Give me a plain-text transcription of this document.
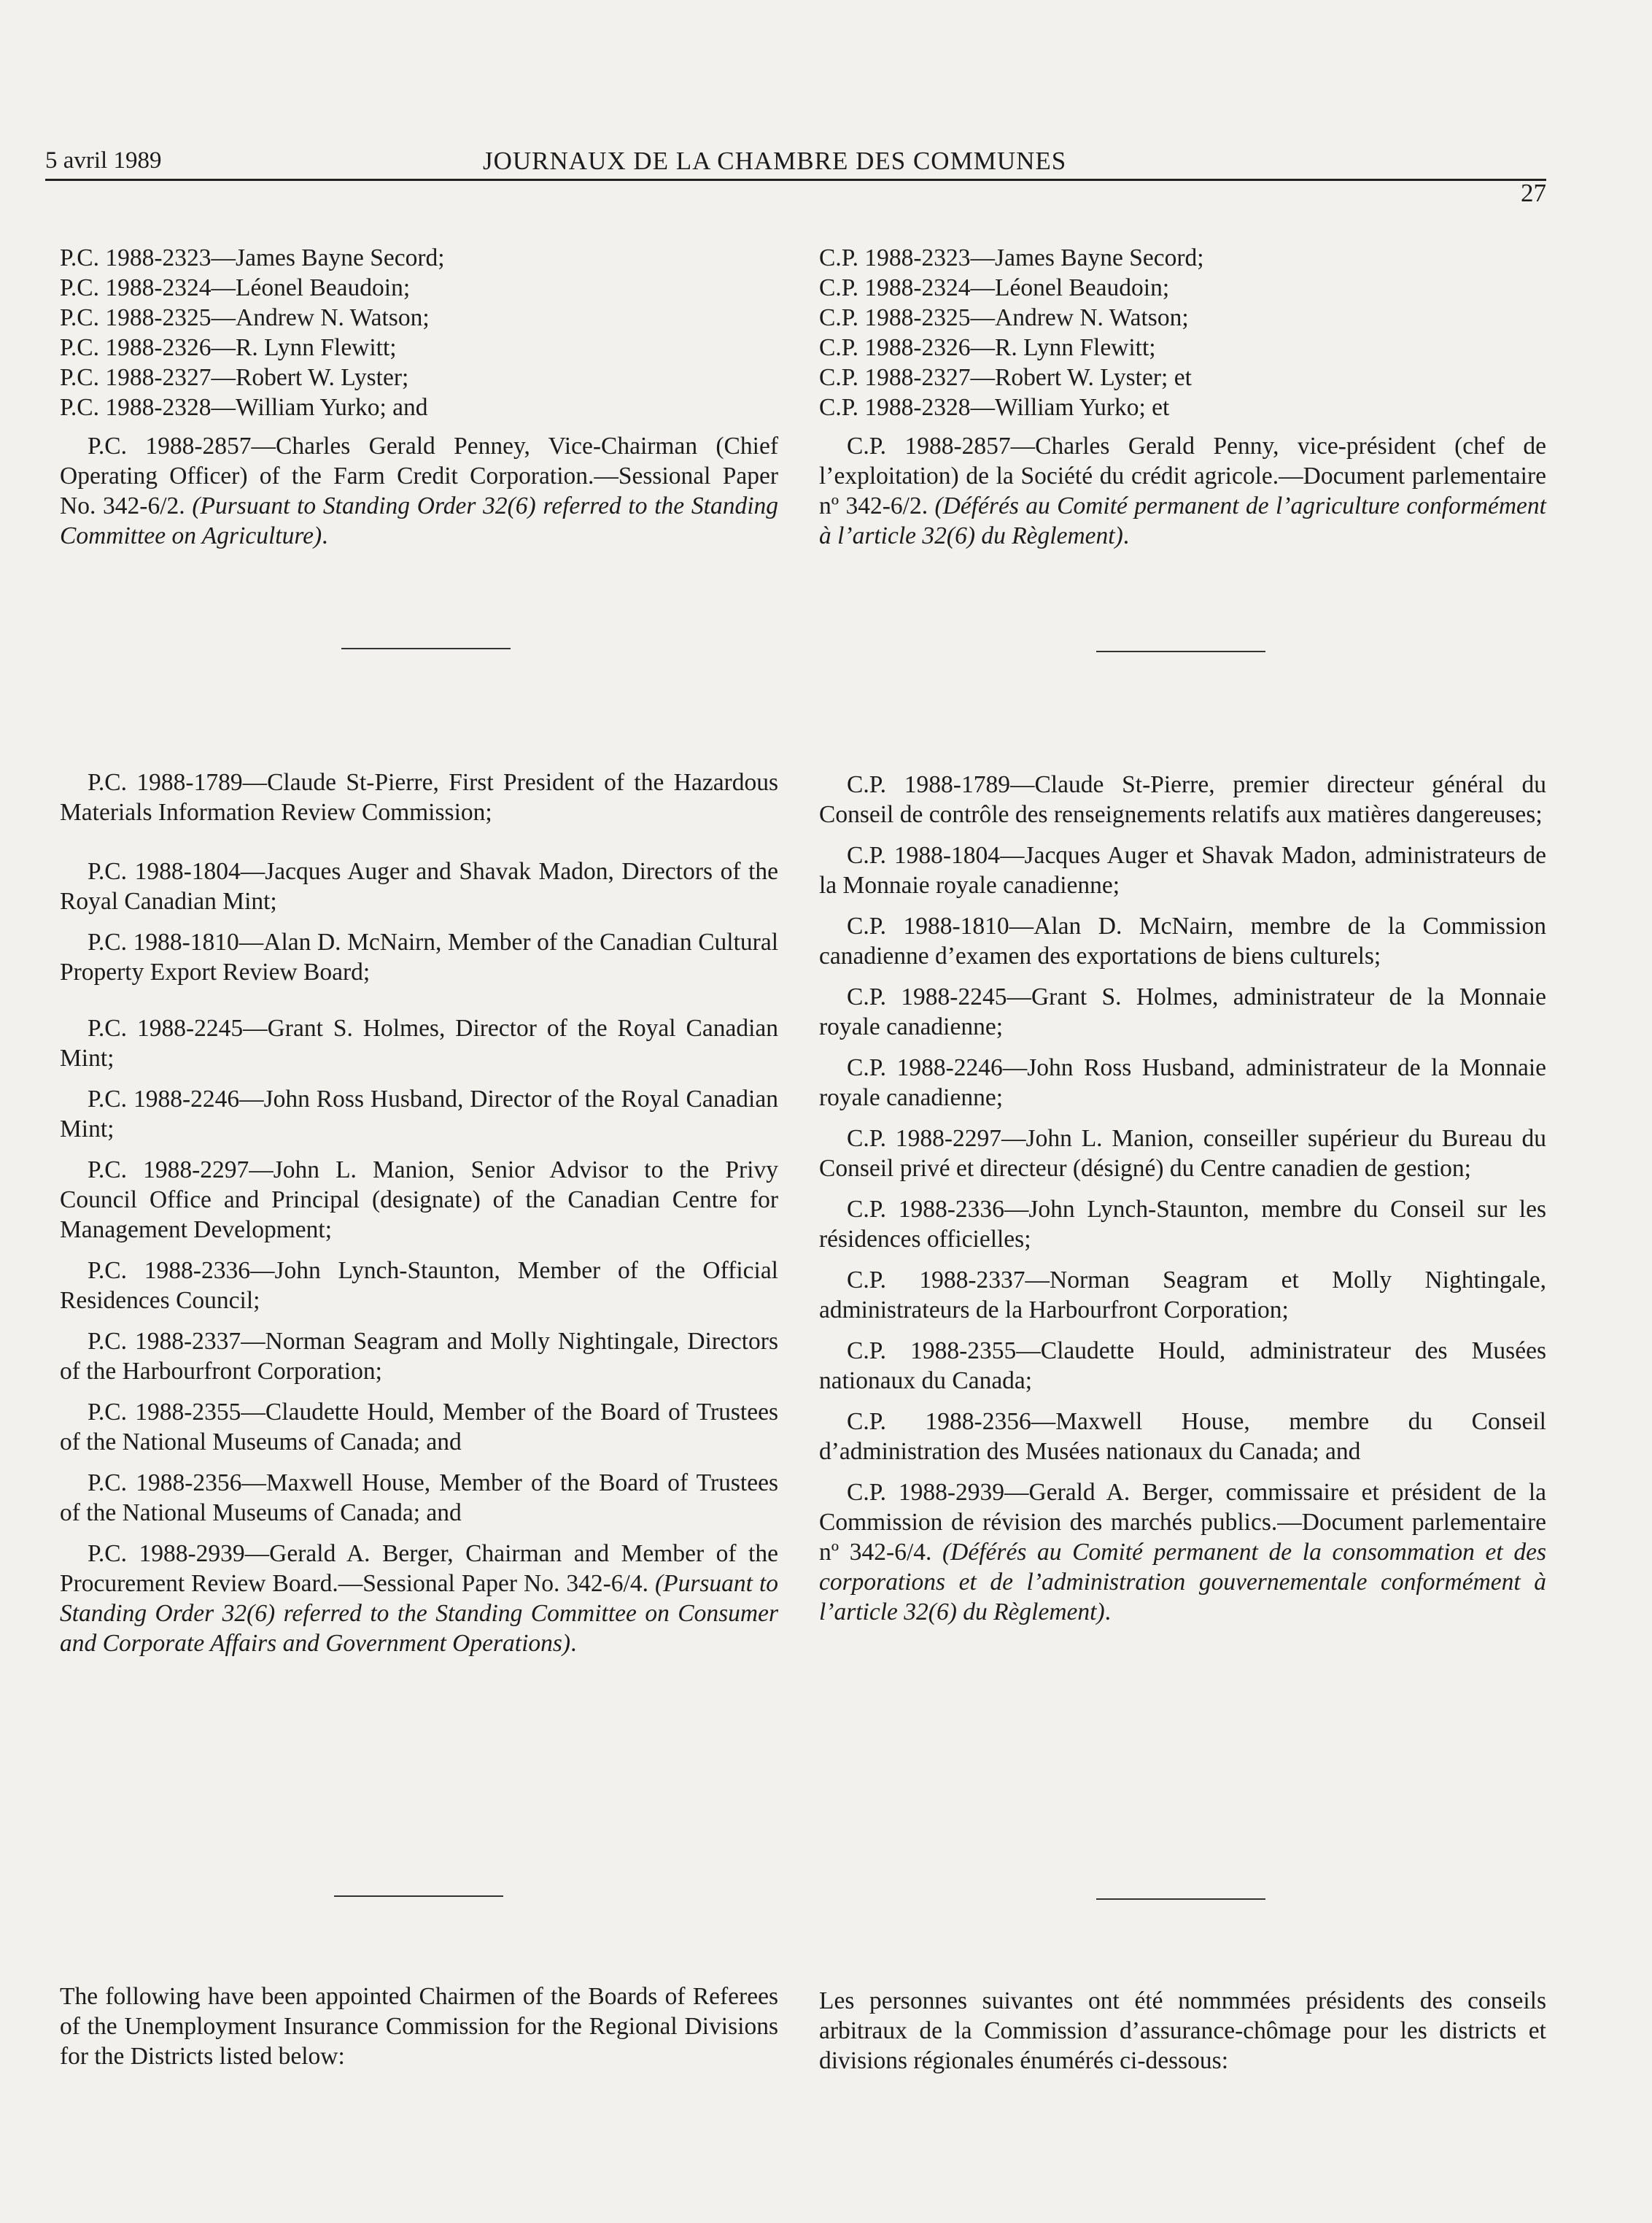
5 avril 1989	JOURNAUX DE LA CHAMBRE DES COMMUNES
27
P.C. 1988-2323—James Bayne Secord;
P.C. 1988-2324—Léonel Beaudoin;
P.C. 1988-2325—Andrew N. Watson;
P.C. 1988-2326—R. Lynn Flewitt;
P.C. 1988-2327—Robert W. Lyster;
P.C. 1988-2328—William Yurko; and

P.C. 1988-2857—Charles Gerald Penney, Vice-Chairman (Chief Operating Officer) of the Farm Credit Corporation.—Sessional Paper No. 342-6/2. (Pursuant to Standing Order 32(6) referred to the Standing Committee on Agriculture).

C.P. 1988-2323—James Bayne Secord;
C.P. 1988-2324—Léonel Beaudoin;
C.P. 1988-2325—Andrew N. Watson;
C.P. 1988-2326—R. Lynn Flewitt;
C.P. 1988-2327—Robert W. Lyster; et
C.P. 1988-2328—William Yurko; et

C.P. 1988-2857—Charles Gerald Penny, vice-président (chef de l’exploitation) de la Société du crédit agricole.—Document parlementaire nº 342-6/2. (Déférés au Comité permanent de l’agriculture conformément à l’article 32(6) du Règlement).

P.C. 1988-1789—Claude St-Pierre, First President of the Hazardous Materials Information Review Commission;

P.C. 1988-1804—Jacques Auger and Shavak Madon, Directors of the Royal Canadian Mint;

P.C. 1988-1810—Alan D. McNairn, Member of the Canadian Cultural Property Export Review Board;

P.C. 1988-2245—Grant S. Holmes, Director of the Royal Canadian Mint;

P.C. 1988-2246—John Ross Husband, Director of the Royal Canadian Mint;

P.C. 1988-2297—John L. Manion, Senior Advisor to the Privy Council Office and Principal (designate) of the Canadian Centre for Management Development;

P.C. 1988-2336—John Lynch-Staunton, Member of the Official Residences Council;

P.C. 1988-2337—Norman Seagram and Molly Nightingale, Directors of the Harbourfront Corporation;

P.C. 1988-2355—Claudette Hould, Member of the Board of Trustees of the National Museums of Canada; and

P.C. 1988-2356—Maxwell House, Member of the Board of Trustees of the National Museums of Canada; and

P.C. 1988-2939—Gerald A. Berger, Chairman and Member of the Procurement Review Board.—Sessional Paper No. 342-6/4. (Pursuant to Standing Order 32(6) referred to the Standing Committee on Consumer and Corporate Affairs and Government Operations).

C.P. 1988-1789—Claude St-Pierre, premier directeur général du Conseil de contrôle des renseignements relatifs aux matières dangereuses;

C.P. 1988-1804—Jacques Auger et Shavak Madon, administrateurs de la Monnaie royale canadienne;

C.P. 1988-1810—Alan D. McNairn, membre de la Commission canadienne d’examen des exportations de biens culturels;

C.P. 1988-2245—Grant S. Holmes, administrateur de la Monnaie royale canadienne;

C.P. 1988-2246—John Ross Husband, administrateur de la Monnaie royale canadienne;

C.P. 1988-2297—John L. Manion, conseiller supérieur du Bureau du Conseil privé et directeur (désigné) du Centre canadien de gestion;

C.P. 1988-2336—John Lynch-Staunton, membre du Conseil sur les résidences officielles;

C.P. 1988-2337—Norman Seagram et Molly Nightingale, administrateurs de la Harbourfront Corporation;

C.P. 1988-2355—Claudette Hould, administrateur des Musées nationaux du Canada;

C.P. 1988-2356—Maxwell House, membre du Conseil d’administration des Musées nationaux du Canada; and

C.P. 1988-2939—Gerald A. Berger, commissaire et président de la Commission de révision des marchés publics.—Document parlementaire nº 342-6/4. (Déférés au Comité permanent de la consommation et des corporations et de l’administration gouvernementale conformément à l’article 32(6) du Règlement).

The following have been appointed Chairmen of the Boards of Referees of the Unemployment Insurance Commission for the Regional Divisions for the Districts listed below:

Les personnes suivantes ont été nommmées présidents des conseils arbitraux de la Commission d’assurance-chômage pour les districts et divisions régionales énumérés ci-dessous:
